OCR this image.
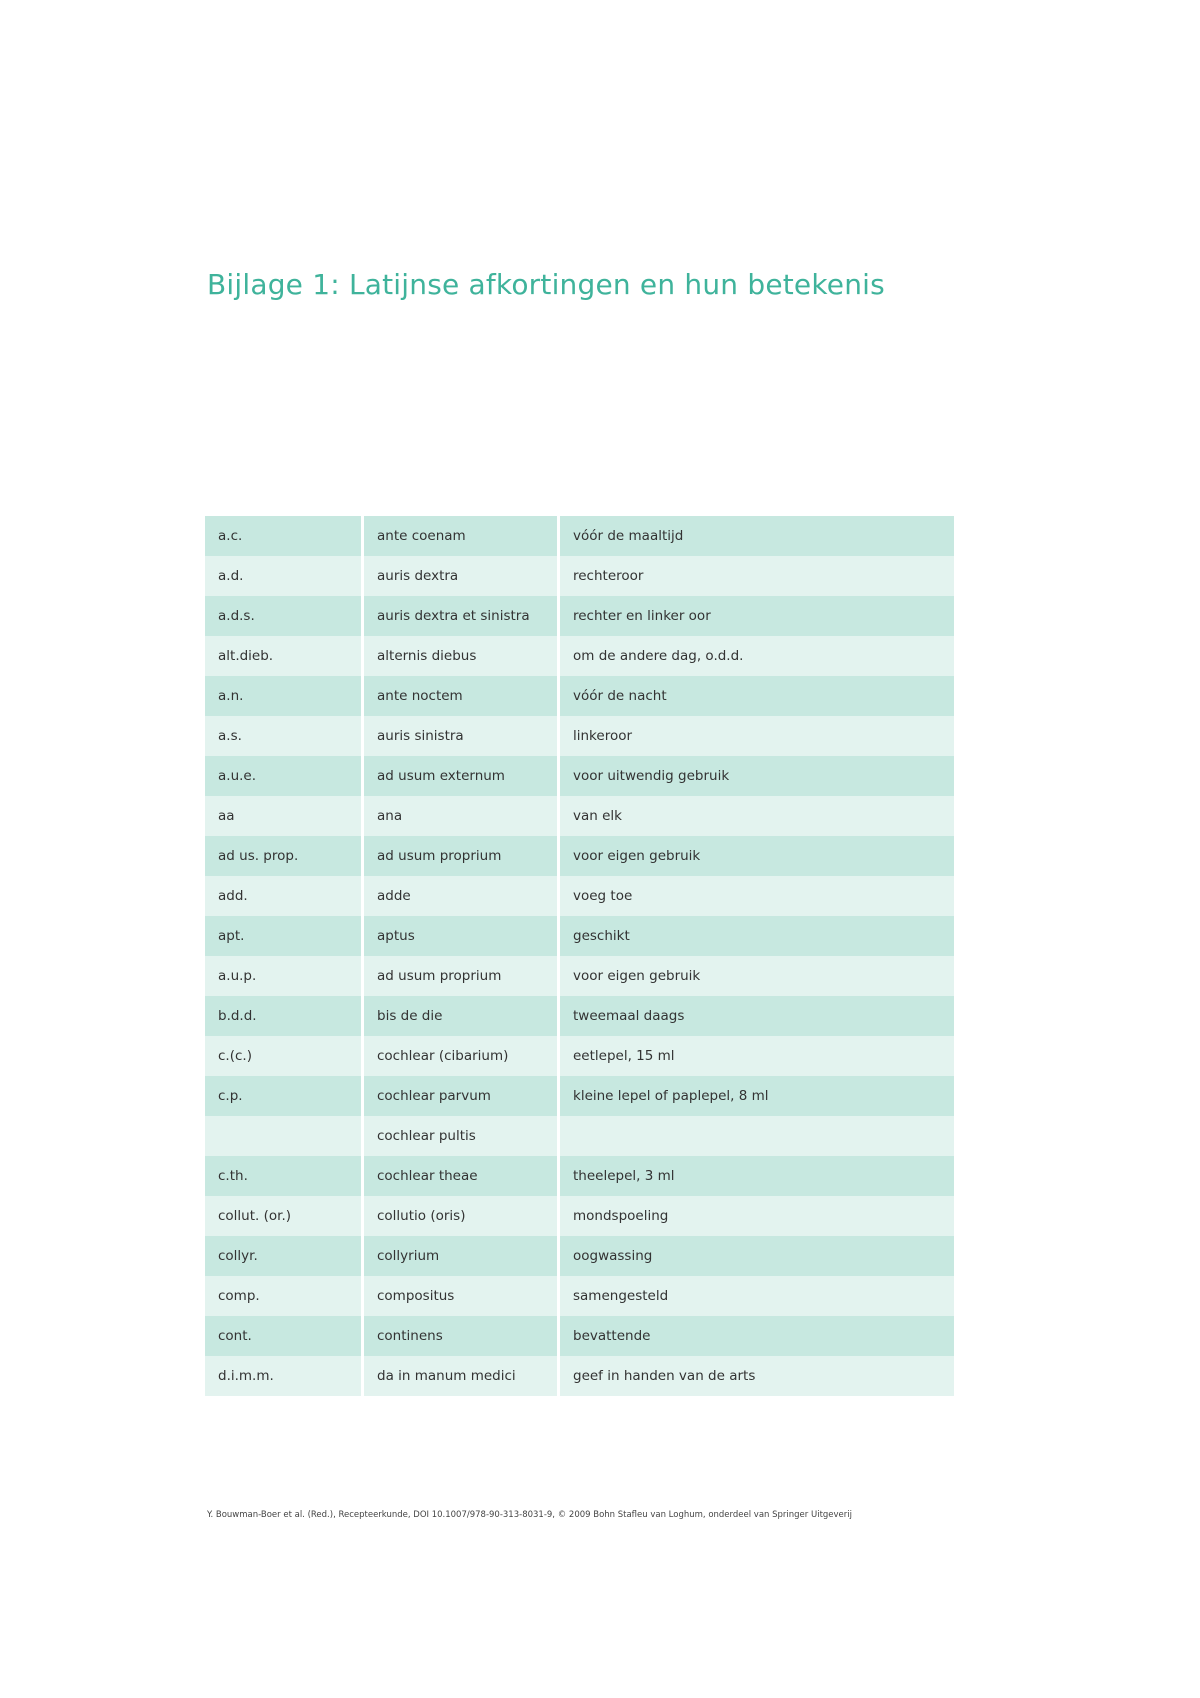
Bijlage 1: Latijnse afkortingen en hun betekenis
a.c.	ante coenam	vóór de maaltijd
a.d.	auris dextra	rechteroor
a.d.s.	auris dextra et sinistra	rechter en linker oor
alt.dieb.	alternis diebus	om de andere dag, o.d.d.
a.n.	ante noctem	vóór de nacht
a.s.	auris sinistra	linkeroor
a.u.e.	ad usum externum	voor uitwendig gebruik
aa	ana	van elk
ad us. prop.	ad usum proprium	voor eigen gebruik
add.	adde	voeg toe
apt.	aptus	geschikt
a.u.p.	ad usum proprium	voor eigen gebruik
b.d.d.	bis de die	tweemaal daags
c.(c.)	cochlear (cibarium)	eetlepel, 15 ml
c.p.	cochlear parvum	kleine lepel of paplepel, 8 ml
	cochlear pultis	
c.th.	cochlear theae	theelepel, 3 ml
collut. (or.)	collutio (oris)	mondspoeling
collyr.	collyrium	oogwassing
comp.	compositus	samengesteld
cont.	continens	bevattende
d.i.m.m.	da in manum medici	geef in handen van de arts

Y. Bouwman-Boer et al. (Red.), Recepteerkunde, DOI 10.1007/978-90-313-8031-9, © 2009 Bohn Stafleu van Loghum, onderdeel van Springer Uitgeverij
